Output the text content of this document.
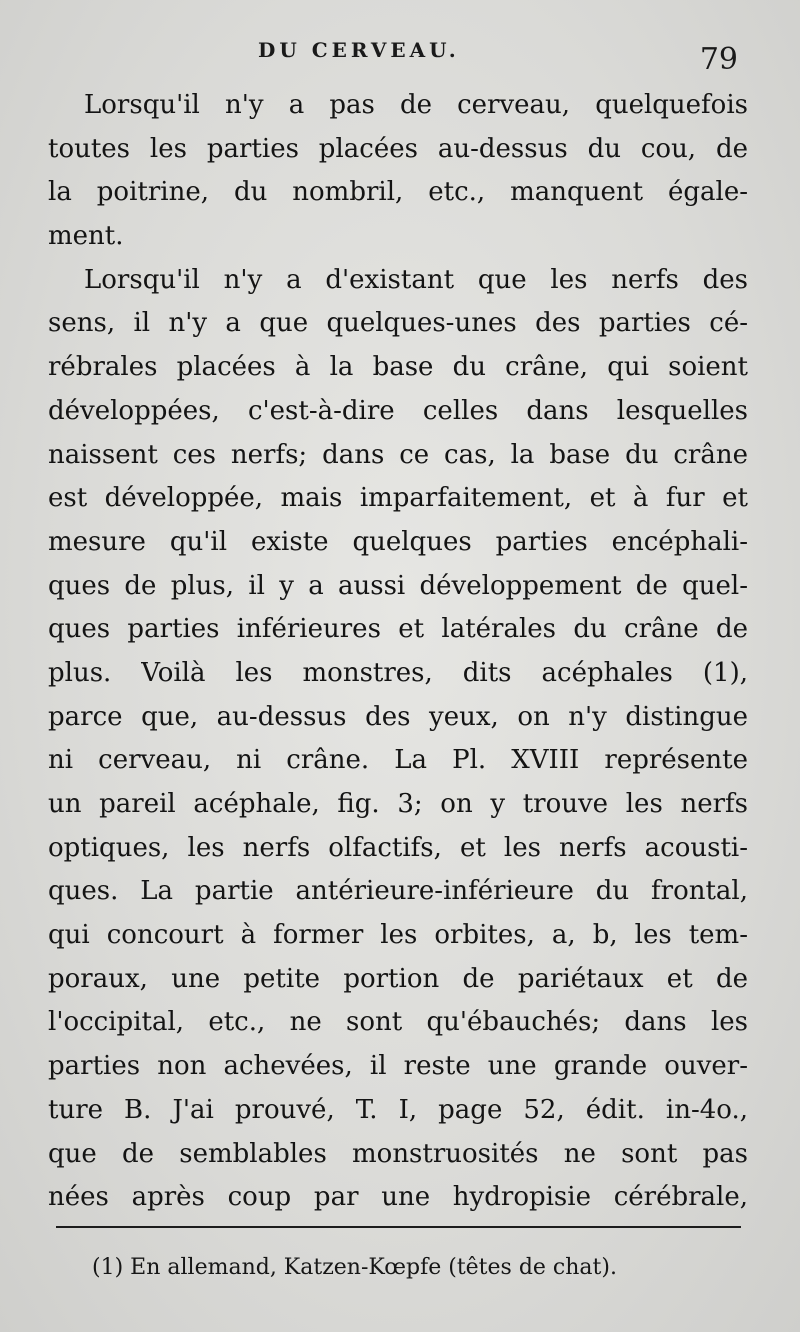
DU CERVEAU.	79
Lorsqu'il n'y a pas de cerveau, quelquefois
toutes les parties placées au-dessus du cou, de
la poitrine, du nombril, etc., manquent égale-
ment.
Lorsqu'il n'y a d'existant que les nerfs des
sens, il n'y a que quelques-unes des parties cé-
rébrales placées à la base du crâne, qui soient
développées, c'est-à-dire celles dans lesquelles
naissent ces nerfs; dans ce cas, la base du crâne
est développée, mais imparfaitement, et à fur et
mesure qu'il existe quelques parties encéphali-
ques de plus, il y a aussi développement de quel-
ques parties inférieures et latérales du crâne de
plus. Voilà les monstres, dits acéphales (1),
parce que, au-dessus des yeux, on n'y distingue
ni cerveau, ni crâne. La Pl. XVIII représente
un pareil acéphale, fig. 3; on y trouve les nerfs
optiques, les nerfs olfactifs, et les nerfs acousti-
ques. La partie antérieure-inférieure du frontal,
qui concourt à former les orbites, a, b, les tem-
poraux, une petite portion de pariétaux et de
l'occipital, etc., ne sont qu'ébauchés; dans les
parties non achevées, il reste une grande ouver-
ture B. J'ai prouvé, T. I, page 52, édit. in-4o.,
que de semblables monstruosités ne sont pas
nées après coup par une hydropisie cérébrale,
(1) En allemand, Katzen-Kœpfe (têtes de chat).
